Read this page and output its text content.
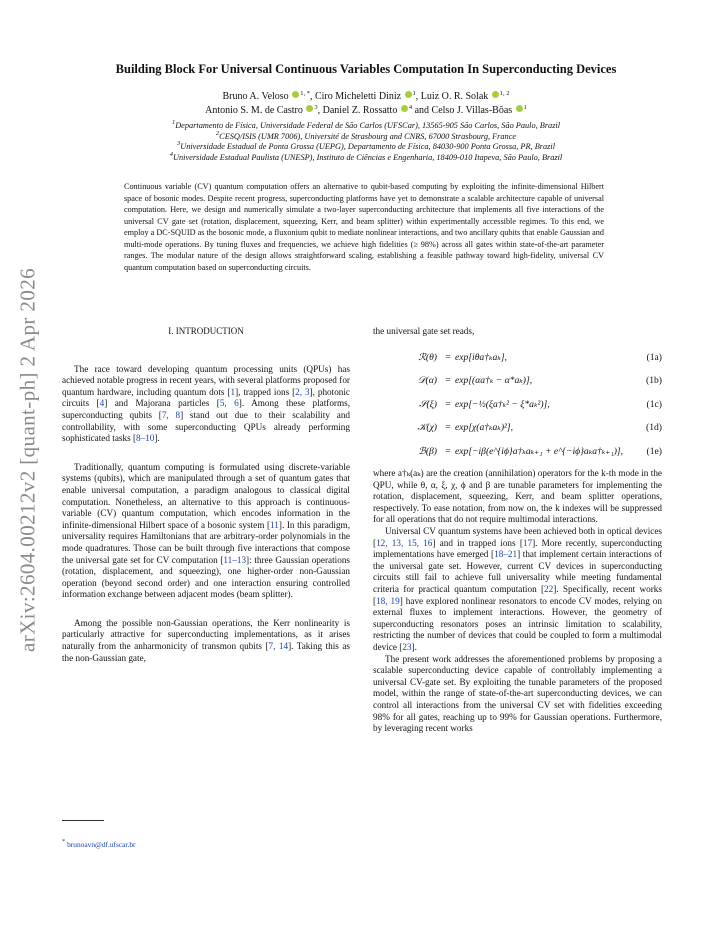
arXiv:2604.00212v2 [quant-ph] 2 Apr 2026
Building Block For Universal Continuous Variables Computation In Superconducting Devices
Bruno A. Veloso $^{1, *}$, Ciro Micheletti Diniz $^1$, Luiz O. R. Solak $^{1, 2}$
Antonio S. M. de Castro $^3$, Daniel Z. Rossatto $^4$ and Celso J. Villas-Bôas $^1$
$^1$Departamento de Física, Universidade Federal de São Carlos (UFSCar), 13565-905 São Carlos, São Paulo, Brazil
$^2$CESQ/ISIS (UMR 7006), Université de Strasbourg and CNRS, 67000 Strasbourg, France
$^3$Universidade Estadual de Ponta Grossa (UEPG), Departamento de Física, 84030-900 Ponta Grossa, PR, Brazil
$^4$Universidade Estadual Paulista (UNESP), Instituto de Ciências e Engenharia, 18409-010 Itapeva, São Paulo, Brazil
Continuous variable (CV) quantum computation offers an alternative to qubit-based computing by exploiting the infinite-dimensional Hilbert space of bosonic modes. Despite recent progress, superconducting platforms have yet to demonstrate a scalable architecture capable of universal computation. Here, we design and numerically simulate a two-layer superconducting architecture that implements all five interactions of the universal CV gate set (rotation, displacement, squeezing, Kerr, and beam splitter) within experimentally accessible regimes. To this end, we employ a DC-SQUID as the bosonic mode, a fluxonium qubit to mediate nonlinear interactions, and two ancillary qubits that enable Gaussian and multi-mode operations. By tuning fluxes and frequencies, we achieve high fidelities (≥ 98%) across all gates within state-of-the-art parameter ranges. The modular nature of the design allows straightforward scaling, establishing a feasible pathway toward high-fidelity, universal CV quantum computation based on superconducting circuits.
I. INTRODUCTION

The race toward developing quantum processing units (QPUs) has achieved notable progress in recent years, with several platforms proposed for quantum hardware, including quantum dots [1], trapped ions [2, 3], photonic circuits [4] and Majorana particles [5, 6]. Among these platforms, superconducting qubits [7, 8] stand out due to their scalability and controllability, with some superconducting QPUs already performing sophisticated tasks [8–10].

Traditionally, quantum computing is formulated using discrete-variable systems (qubits), which are manipulated through a set of quantum gates that enable universal computation, a paradigm analogous to classical digital computation. Nonetheless, an alternative to this approach is continuous-variable (CV) quantum computation, which encodes information in the infinite-dimensional Hilbert space of a bosonic system [11]. In this paradigm, universality requires Hamiltonians that are arbitrary-order polynomials in the mode quadratures. Those can be built through five interactions that compose the universal gate set for CV computation [11–13]: three Gaussian operations (rotation, displacement, and squeezing), one higher-order non-Gaussian operation (beyond second order) and one interaction ensuring controlled information exchange between adjacent modes (beam splitter).

Among the possible non-Gaussian operations, the Kerr nonlinearity is particularly attractive for superconducting implementations, as it arises naturally from the anharmonicity of transmon qubits [7, 14]. Taking this as the non-Gaussian gate,

the universal gate set reads,

ℛ(θ) = exp[iθa†ₖaₖ],	(1a)
𝒟(α) = exp[(αa†ₖ − α*aₖ)],	(1b)
𝒮(ξ) = exp[−½(ξa†ₖ² − ξ*aₖ²)],	(1c)
𝒦(χ) = exp[χ(a†ₖaₖ)²],	(1d)
ℬ(β) = exp[−iβ(e^{iϕ}a†ₖaₖ₊₁ + e^{−iϕ}aₖa†ₖ₊₁)],	(1e)

where a†ₖ(aₖ) are the creation (annihilation) operators for the k-th mode in the QPU, while θ, α, ξ, χ, ϕ and β are tunable parameters for implementing the rotation, displacement, squeezing, Kerr, and beam splitter operations, respectively. To ease notation, from now on, the k indexes will be suppressed for all operations that do not require multimodal interactions.

Universal CV quantum systems have been achieved both in optical devices [12, 13, 15, 16] and in trapped ions [17]. More recently, superconducting implementations have emerged [18–21] that implement certain interactions of the universal gate set. However, current CV devices in superconducting circuits still fail to achieve full universality while meeting fundamental criteria for practical quantum computation [22]. Specifically, recent works [18, 19] have explored nonlinear resonators to encode CV modes, relying on external fluxes to implement interactions. However, the geometry of superconducting resonators poses an intrinsic limitation to scalability, restricting the number of devices that could be coupled to form a multimodal device [23].

The present work addresses the aforementioned problems by proposing a scalable superconducting device capable of controllably implementing a universal CV-gate set. By exploiting the tunable parameters of the proposed model, within the range of state-of-the-art superconducting devices, we can control all interactions from the universal CV set with fidelities exceeding 98% for all gates, reaching up to 99% for Gaussian operations. Furthermore, by leveraging recent works

* brunoavn@df.ufscar.br
